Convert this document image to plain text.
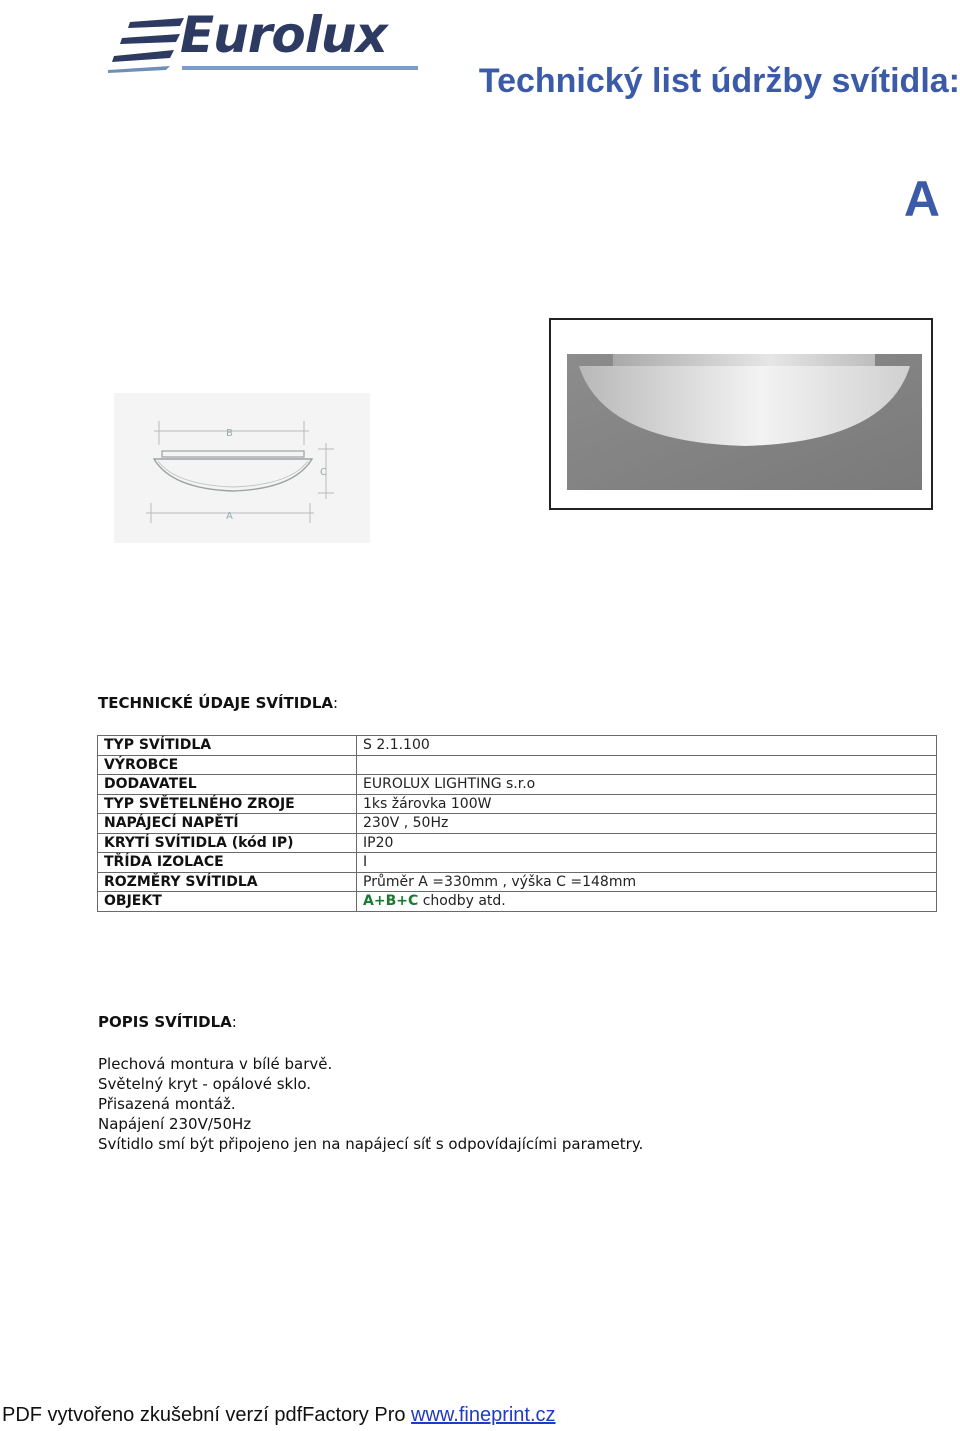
Eurolux
Technický list údržby svítidla:
A
B
C
A
TECHNICKÉ ÚDAJE SVÍTIDLA:
TYP SVÍTIDLA	S 2.1.100
VÝROBCE	
DODAVATEL	EUROLUX LIGHTING s.r.o
TYP SVĚTELNÉHO ZROJE	1ks žárovka 100W
NAPÁJECÍ NAPĚTÍ	230V , 50Hz
KRYTÍ SVÍTIDLA (kód IP)	IP20
TŘÍDA IZOLACE	I
ROZMĚRY SVÍTIDLA	Průměr A =330mm , výška C =148mm
OBJEKT	A+B+C chodby atd.
POPIS SVÍTIDLA:
Plechová montura v bílé barvě.
Světelný kryt - opálové sklo.
Přisazená montáž.
Napájení 230V/50Hz
Svítidlo smí být připojeno jen na napájecí síť s odpovídajícími parametry.
PDF vytvořeno zkušební verzí pdfFactory Pro www.fineprint.cz
